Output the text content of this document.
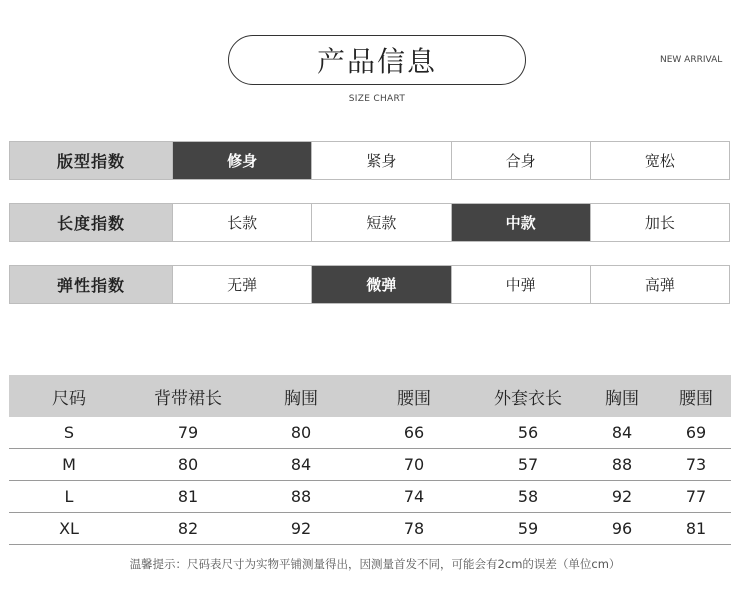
产品信息
SIZE CHART
NEW ARRIVAL
版型指数	修身	紧身	合身	宽松
长度指数	长款	短款	中款	加长
弹性指数	无弹	微弹	中弹	高弹
尺码	背带裙长	胸围	腰围	外套衣长	胸围	腰围
S	79	80	66	56	84	69
M	80	84	70	57	88	73
L	81	88	74	58	92	77
XL	82	92	78	59	96	81
温馨提示：尺码表尺寸为实物平铺测量得出，因测量首发不同，可能会有2cm的误差（单位cm）
